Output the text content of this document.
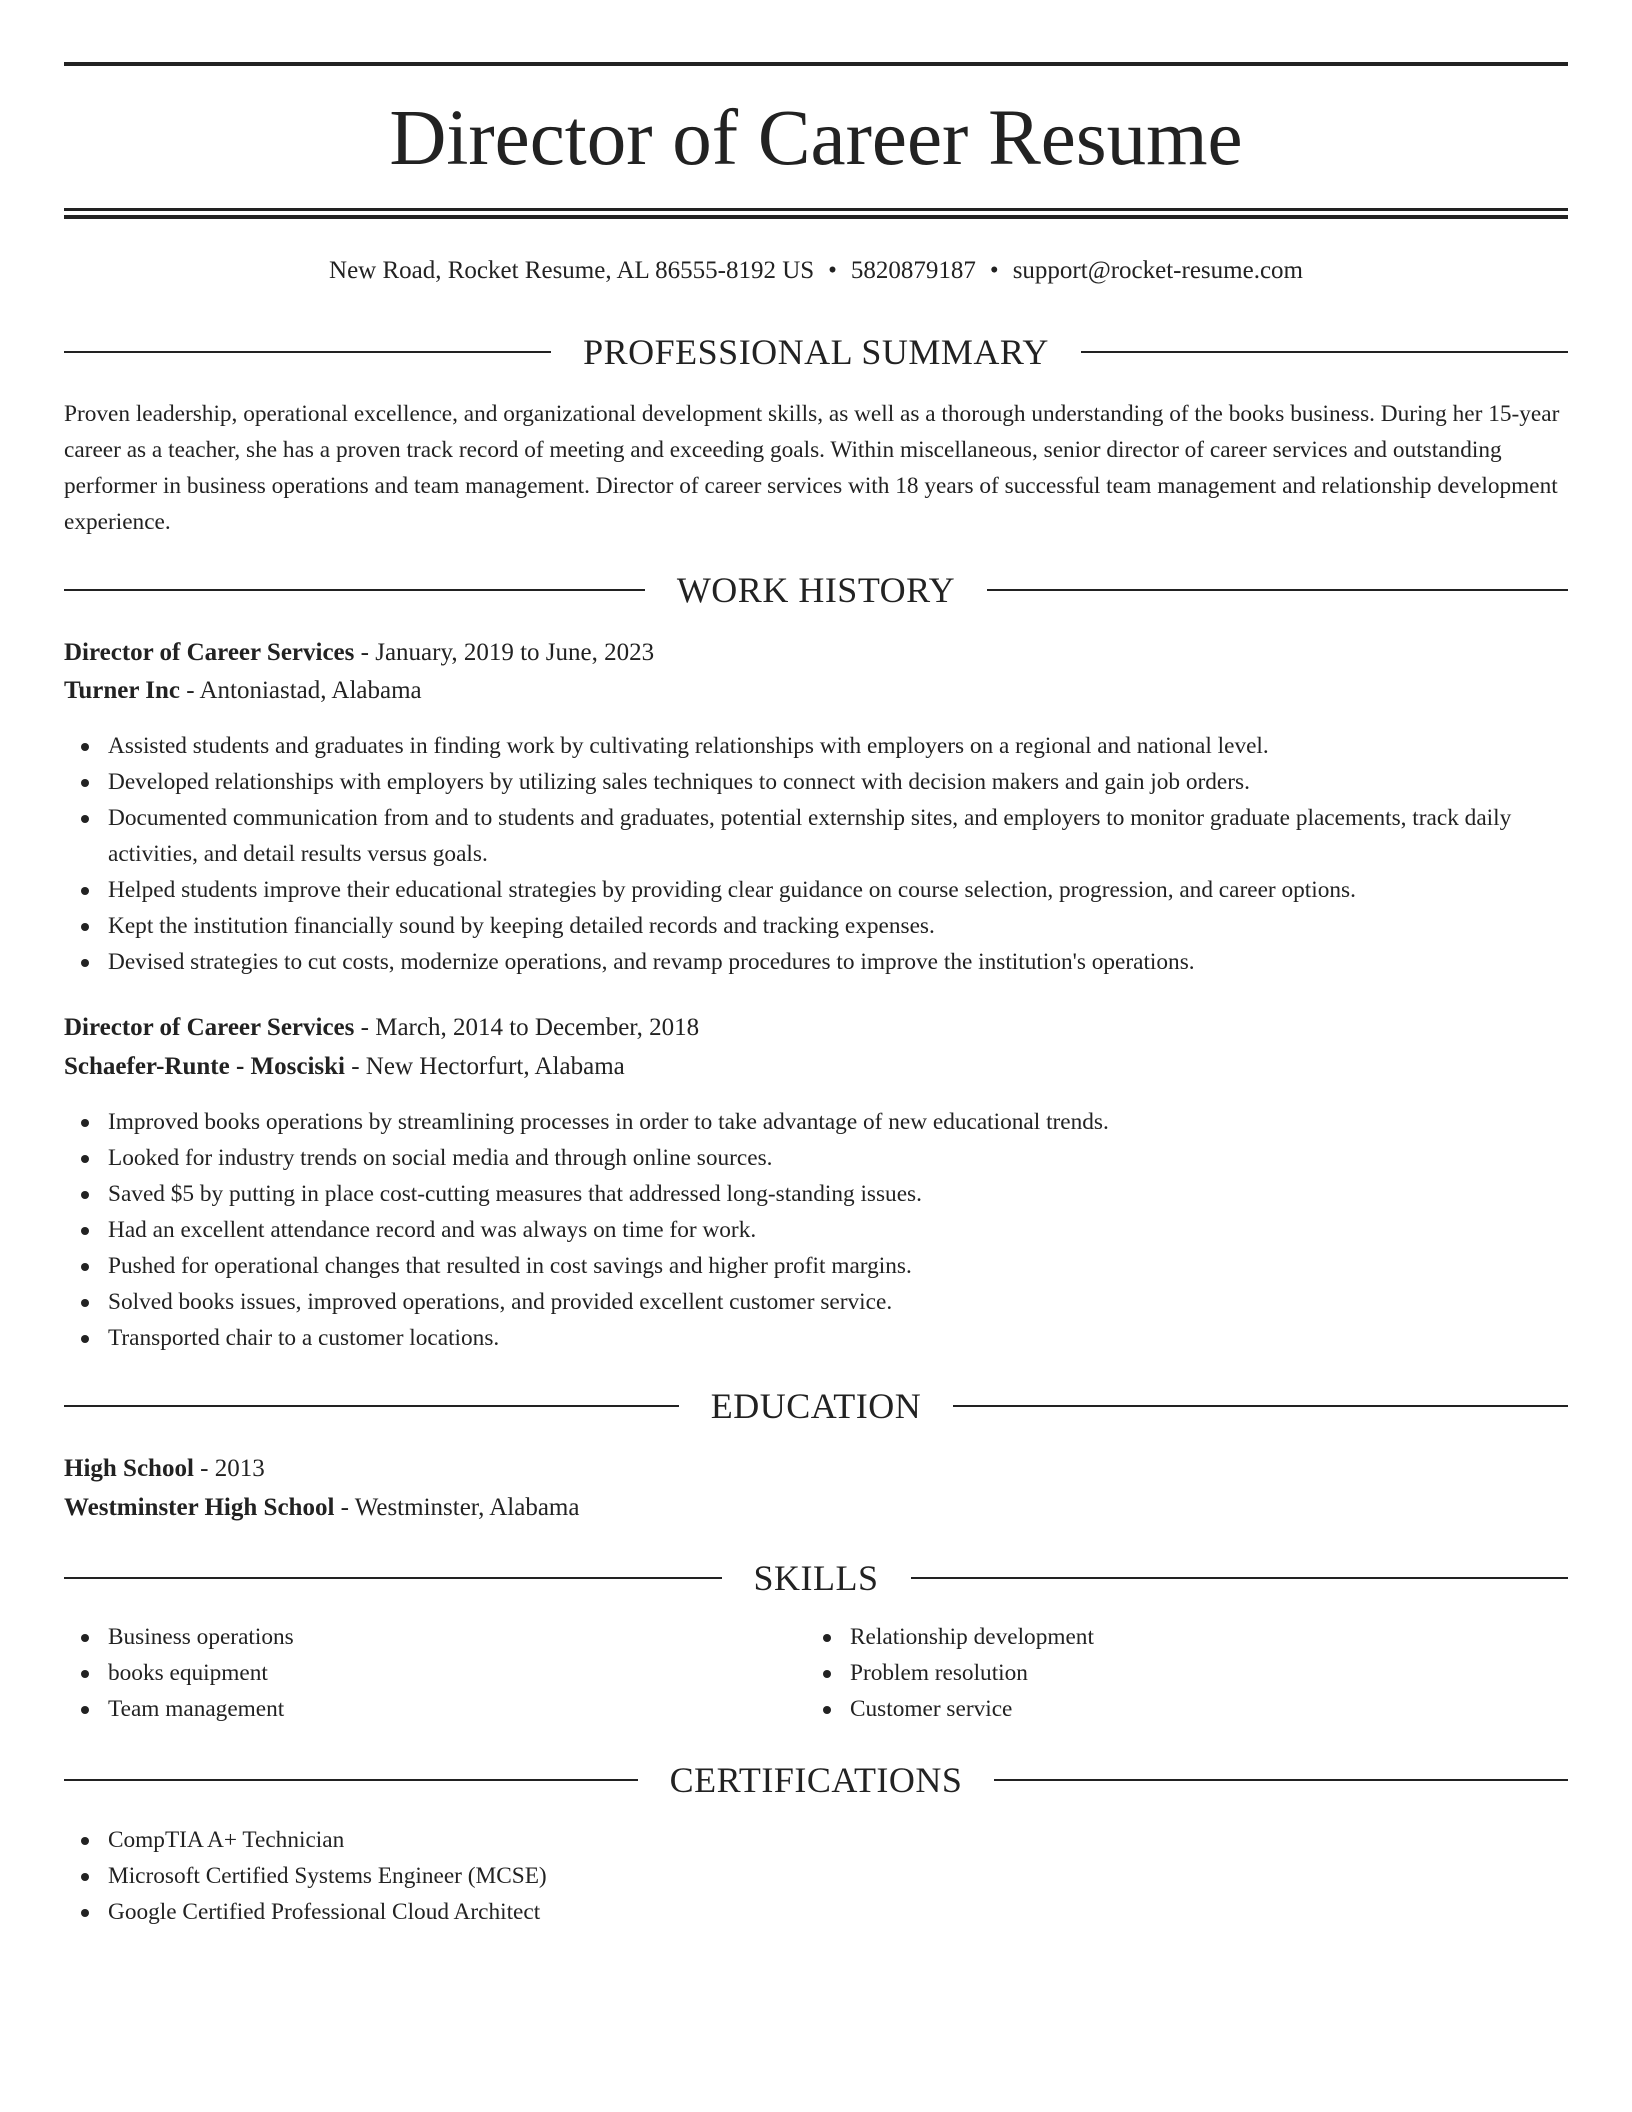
Director of Career Resume
New Road, Rocket Resume, AL 86555-8192 US • 5820879187 • support@rocket-resume.com
PROFESSIONAL SUMMARY

Proven leadership, operational excellence, and organizational development skills, as well as a thorough understanding of the books business. During her 15-year career as a teacher, she has a proven track record of meeting and exceeding goals. Within miscellaneous, senior director of career services and outstanding performer in business operations and team management. Director of career services with 18 years of successful team management and relationship development experience.

WORK HISTORY
Director of Career Services - January, 2019 to June, 2023
Turner Inc - Antoniastad, Alabama
Assisted students and graduates in finding work by cultivating relationships with employers on a regional and national level.
Developed relationships with employers by utilizing sales techniques to connect with decision makers and gain job orders.
Documented communication from and to students and graduates, potential externship sites, and employers to monitor graduate placements, track daily activities, and detail results versus goals.
Helped students improve their educational strategies by providing clear guidance on course selection, progression, and career options.
Kept the institution financially sound by keeping detailed records and tracking expenses.
Devised strategies to cut costs, modernize operations, and revamp procedures to improve the institution's operations.
Director of Career Services - March, 2014 to December, 2018
Schaefer-Runte - Mosciski - New Hectorfurt, Alabama
Improved books operations by streamlining processes in order to take advantage of new educational trends.
Looked for industry trends on social media and through online sources.
Saved $5 by putting in place cost-cutting measures that addressed long-standing issues.
Had an excellent attendance record and was always on time for work.
Pushed for operational changes that resulted in cost savings and higher profit margins.
Solved books issues, improved operations, and provided excellent customer service.
Transported chair to a customer locations.
EDUCATION
High School - 2013
Westminster High School - Westminster, Alabama
SKILLS
Business operations
books equipment
Team management
Relationship development
Problem resolution
Customer service
CERTIFICATIONS
CompTIA A+ Technician
Microsoft Certified Systems Engineer (MCSE)
Google Certified Professional Cloud Architect
